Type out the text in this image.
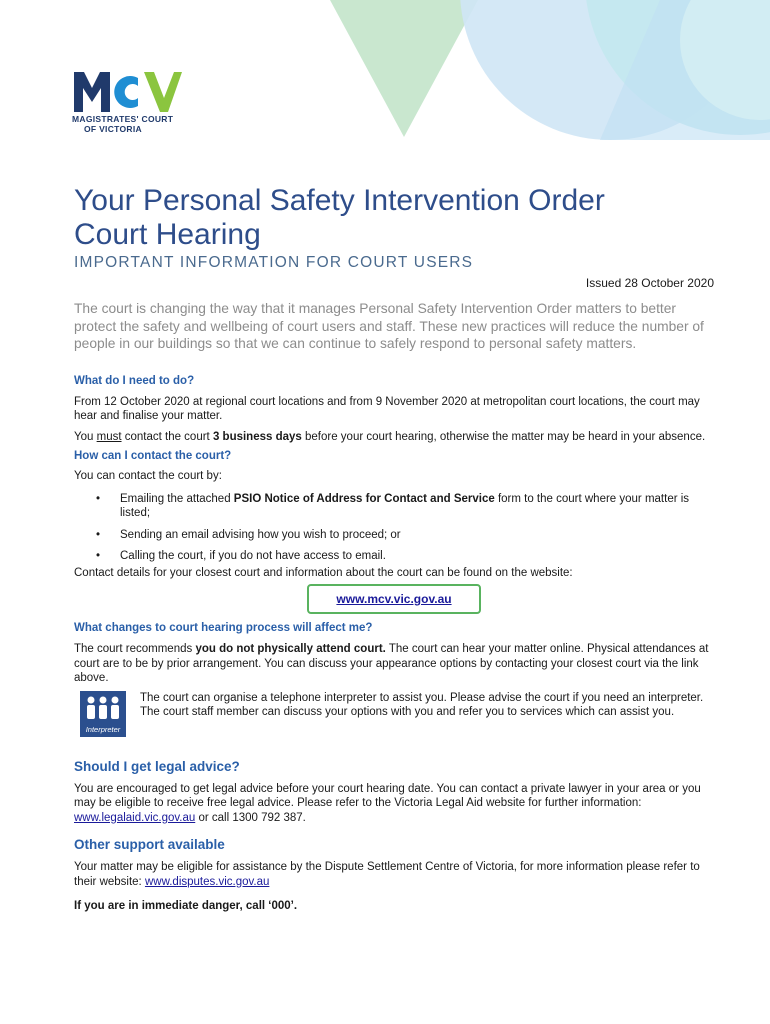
MAGISTRATES' COURT
OF VICTORIA
Your Personal Safety Intervention Order
Court Hearing
IMPORTANT INFORMATION FOR COURT USERS
Issued 28 October 2020
The court is changing the way that it manages Personal Safety Intervention Order matters to better protect the safety and wellbeing of court users and staff. These new practices will reduce the number of people in our buildings so that we can continue to safely respond to personal safety matters.
What do I need to do?

From 12 October 2020 at regional court locations and from 9 November 2020 at metropolitan court locations, the court may hear and finalise your matter.

You must contact the court 3 business days before your court hearing, otherwise the matter may be heard in your absence.

How can I contact the court?

You can contact the court by:

• Emailing the attached PSIO Notice of Address for Contact and Service form to the court where your matter is listed;
• Sending an email advising how you wish to proceed; or
• Calling the court, if you do not have access to email.

Contact details for your closest court and information about the court can be found on the website:

www.mcv.vic.gov.au
What changes to court hearing process will affect me?

The court recommends you do not physically attend court. The court can hear your matter online. Physical attendances at court are to be by prior arrangement. You can discuss your appearance options by contacting your closest court via the link above.

Interpreter

The court can organise a telephone interpreter to assist you. Please advise the court if you need an interpreter. The court staff member can discuss your options with you and refer you to services which can assist you.

Should I get legal advice?

You are encouraged to get legal advice before your court hearing date. You can contact a private lawyer in your area or you may be eligible to receive free legal advice. Please refer to the Victoria Legal Aid website for further information: www.legalaid.vic.gov.au or call 1300 792 387.

Other support available

Your matter may be eligible for assistance by the Dispute Settlement Centre of Victoria, for more information please refer to their website: www.disputes.vic.gov.au

If you are in immediate danger, call ‘000’.
